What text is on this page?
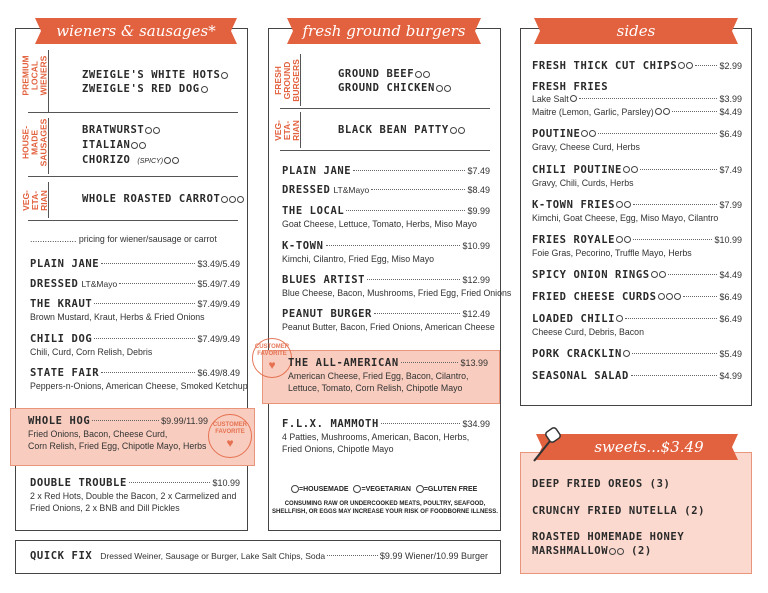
wieners & sausages*
PREMIUM LOCAL WIENERS	ZWEIGLE'S WHITE HOTS
ZWEIGLE'S RED DOG
HOUSE- MADE SAUSAGES	BRATWURST
ITALIAN
CHORIZO (SPICY)
VEG- ETA- RIAN	WHOLE ROASTED CARROT
................... pricing for wiener/sausage or carrot
PLAIN JANE	$3.49/5.49
DRESSED LT&Mayo	$5.49/7.49
THE KRAUT	$7.49/9.49
Brown Mustard, Kraut, Herbs & Fried Onions
CHILI DOG	$7.49/9.49
Chili, Curd, Corn Relish, Debris
STATE FAIR	$6.49/8.49
Peppers-n-Onions, American Cheese, Smoked Ketchup
WHOLE HOG	$9.99/11.99
Fried Onions, Bacon, Cheese Curd,
Corn Relish, Fried Egg, Chipotle Mayo, Herbs
CUSTOMER FAVORITE
♥
DOUBLE TROUBLE	$10.99
2 x Red Hots, Double the Bacon, 2 x Carmelized and
Fried Onions, 2 x BNB and Dill Pickles
fresh ground burgers
FRESH GROUND BURGERS	GROUND BEEF
GROUND CHICKEN
VEG- ETA- RIAN	BLACK BEAN PATTY
PLAIN JANE	$7.49
DRESSED LT&Mayo	$8.49
THE LOCAL	$9.99
Goat Cheese, Lettuce, Tomato, Herbs, Miso Mayo
K-TOWN	$10.99
Kimchi, Cilantro, Fried Egg, Miso Mayo
BLUES ARTIST	$12.99
Blue Cheese, Bacon, Mushrooms, Fried Egg, Fried Onions
PEANUT BURGER	$12.49
Peanut Butter, Bacon, Fried Onions, American Cheese
CUSTOMER FAVORITE
♥	THE ALL-AMERICAN	$13.99
American Cheese, Fried Egg, Bacon, Cilantro,
Lettuce, Tomato, Corn Relish, Chipotle Mayo
F.L.X. MAMMOTH	$34.99
4 Patties, Mushrooms, American, Bacon, Herbs,
Fried Onions, Chipotle Mayo
=HOUSEMADE =VEGETARIAN =GLUTEN FREE
CONSUMING RAW OR UNDERCOOKED MEATS, POULTRY, SEAFOOD,
SHELLFISH, OR EGGS MAY INCREASE YOUR RISK OF FOODBORNE ILLNESS.
sides
FRESH THICK CUT CHIPS	$2.99
FRESH FRIES
Lake Salt	$3.99
Maitre (Lemon, Garlic, Parsley)	$4.49
POUTINE	$6.49
Gravy, Cheese Curd, Herbs
CHILI POUTINE	$7.49
Gravy, Chili, Curds, Herbs
K-TOWN FRIES	$7.99
Kimchi, Goat Cheese, Egg, Miso Mayo, Cilantro
FRIES ROYALE	$10.99
Foie Gras, Pecorino, Truffle Mayo, Herbs
SPICY ONION RINGS	$4.49
FRIED CHEESE CURDS	$6.49
LOADED CHILI	$6.49
Cheese Curd, Debris, Bacon
PORK CRACKLIN	$5.49
SEASONAL SALAD	$4.99
sweets...$3.49
DEEP FRIED OREOS (3)
CRUNCHY FRIED NUTELLA (2)
ROASTED HOMEMADE HONEY
MARSHMALLOW (2)
QUICK FIX Dressed Weiner, Sausage or Burger, Lake Salt Chips, Soda	$9.99 Wiener/10.99 Burger
